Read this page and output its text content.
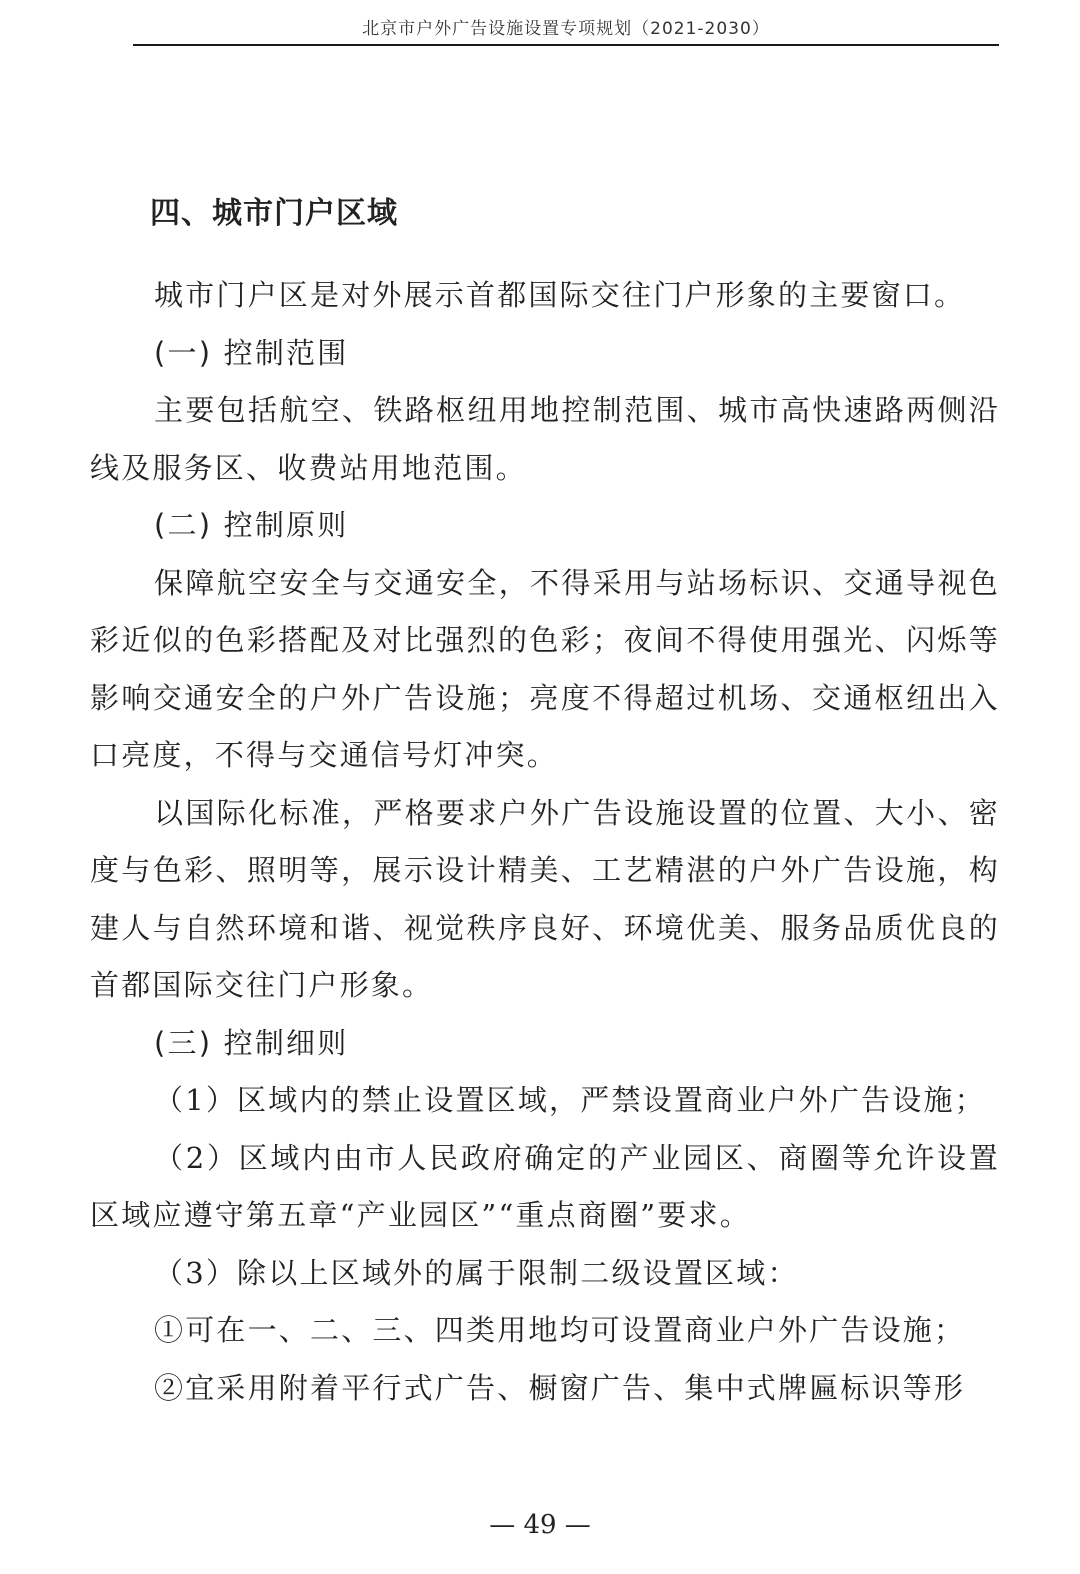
北京市户外广告设施设置专项规划（2021-2030）
四、城市门户区域

城市门户区是对外展示首都国际交往门户形象的主要窗口。

(一) 控制范围

主要包括航空、铁路枢纽用地控制范围、城市高快速路两侧沿线及服务区、收费站用地范围。

(二) 控制原则

保障航空安全与交通安全，不得采用与站场标识、交通导视色彩近似的色彩搭配及对比强烈的色彩；夜间不得使用强光、闪烁等影响交通安全的户外广告设施；亮度不得超过机场、交通枢纽出入口亮度，不得与交通信号灯冲突。

以国际化标准，严格要求户外广告设施设置的位置、大小、密度与色彩、照明等，展示设计精美、工艺精湛的户外广告设施，构建人与自然环境和谐、视觉秩序良好、环境优美、服务品质优良的首都国际交往门户形象。

(三) 控制细则

（1）区域内的禁止设置区域，严禁设置商业户外广告设施；

（2）区域内由市人民政府确定的产业园区、商圈等允许设置区域应遵守第五章“产业园区”“重点商圈”要求。

（3）除以上区域外的属于限制二级设置区域：

①可在一、二、三、四类用地均可设置商业户外广告设施；

②宜采用附着平行式广告、橱窗广告、集中式牌匾标识等形

— 49 —
